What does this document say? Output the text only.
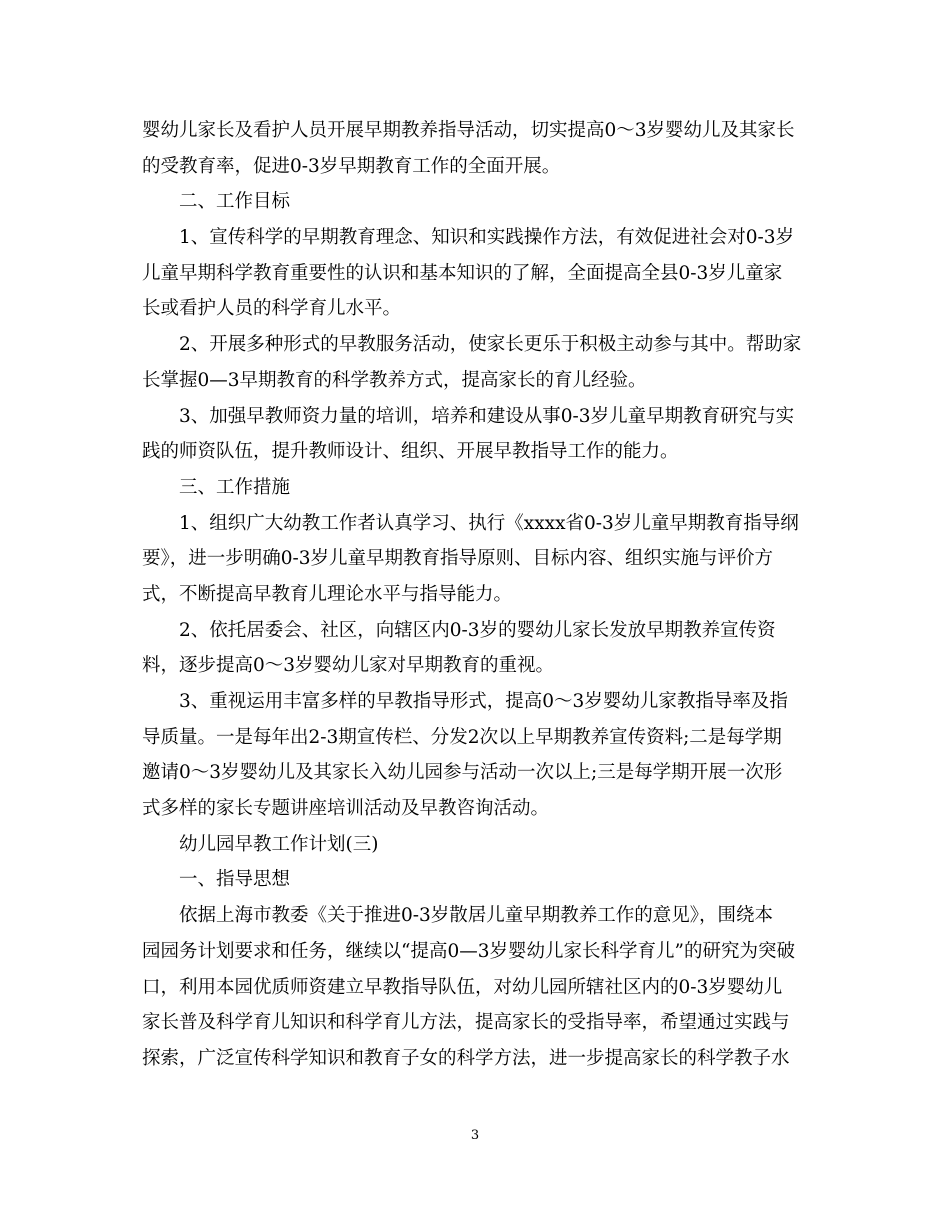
婴幼儿家长及看护人员开展早期教养指导活动，切实提高0～3岁婴幼儿及其家长
的受教育率，促进0-3岁早期教育工作的全面开展。
二、工作目标
1、宣传科学的早期教育理念、知识和实践操作方法，有效促进社会对0-3岁
儿童早期科学教育重要性的认识和基本知识的了解，全面提高全县0-3岁儿童家
长或看护人员的科学育儿水平。
2、开展多种形式的早教服务活动，使家长更乐于积极主动参与其中。帮助家
长掌握0—3早期教育的科学教养方式，提高家长的育儿经验。
3、加强早教师资力量的培训，培养和建设从事0-3岁儿童早期教育研究与实
践的师资队伍，提升教师设计、组织、开展早教指导工作的能力。
三、工作措施
1、组织广大幼教工作者认真学习、执行《xxxx省0-3岁儿童早期教育指导纲
要》，进一步明确0-3岁儿童早期教育指导原则、目标内容、组织实施与评价方
式，不断提高早教育儿理论水平与指导能力。
2、依托居委会、社区，向辖区内0-3岁的婴幼儿家长发放早期教养宣传资
料，逐步提高0～3岁婴幼儿家对早期教育的重视。
3、重视运用丰富多样的早教指导形式，提高0～3岁婴幼儿家教指导率及指
导质量。一是每年出2-3期宣传栏、分发2次以上早期教养宣传资料;二是每学期
邀请0～3岁婴幼儿及其家长入幼儿园参与活动一次以上;三是每学期开展一次形
式多样的家长专题讲座培训活动及早教咨询活动。
幼儿园早教工作计划(三)
一、指导思想
依据上海市教委《关于推进0-3岁散居儿童早期教养工作的意见》，围绕本
园园务计划要求和任务，继续以“提高0—3岁婴幼儿家长科学育儿”的研究为突破
口，利用本园优质师资建立早教指导队伍，对幼儿园所辖社区内的0-3岁婴幼儿
家长普及科学育儿知识和科学育儿方法，提高家长的受指导率，希望通过实践与
探索，广泛宣传科学知识和教育子女的科学方法，进一步提高家长的科学教子水
3
